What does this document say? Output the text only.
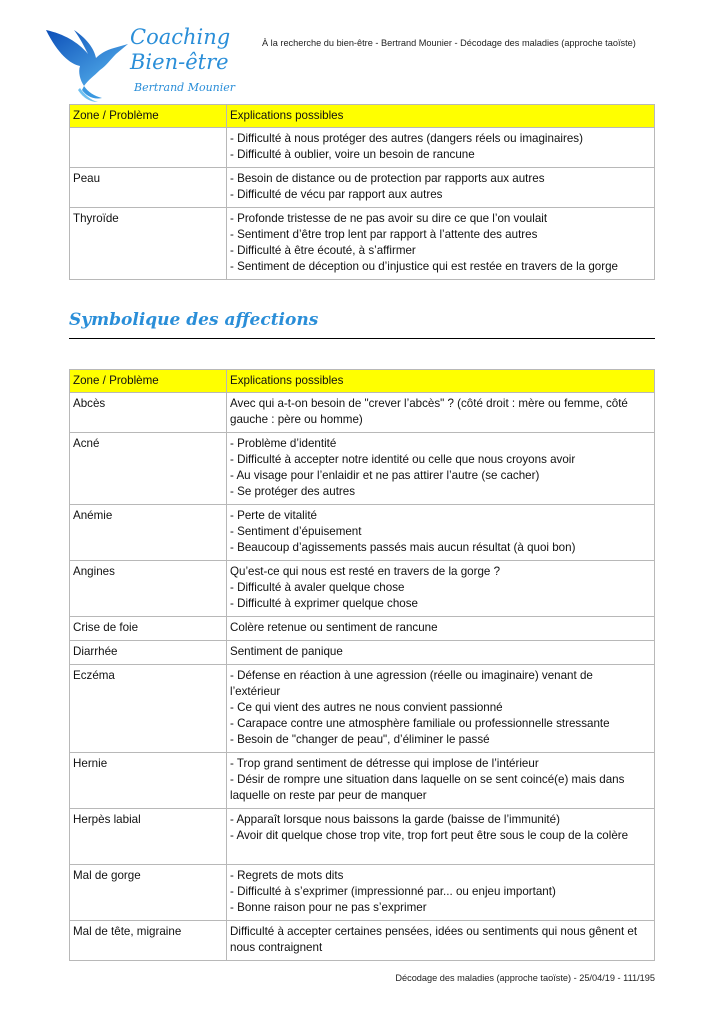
Coaching
Bien-être
Bertrand Mounier
À la recherche du bien-être - Bertrand Mounier - Décodage des maladies (approche taoïste)
Zone / Problème	Explications possibles

	- Difficulté à nous protéger des autres (dangers réels ou imaginaires)
- Difficulté à oublier, voire un besoin de rancune

Peau	- Besoin de distance ou de protection par rapports aux autres
- Difficulté de vécu par rapport aux autres

Thyroïde	- Profonde tristesse de ne pas avoir su dire ce que l’on voulait
- Sentiment d’être trop lent par rapport à l’attente des autres
- Difficulté à être écouté, à s’affirmer
- Sentiment de déception ou d’injustice qui est restée en travers de la gorge
Symbolique des affections
Zone / Problème	Explications possibles
Abcès	Avec qui a-t-on besoin de "crever l’abcès" ? (côté droit : mère ou femme, côté
gauche : père ou homme)

Acné	- Problème d’identité
- Difficulté à accepter notre identité ou celle que nous croyons avoir
- Au visage pour l’enlaidir et ne pas attirer l’autre (se cacher)
- Se protéger des autres

Anémie	- Perte de vitalité
- Sentiment d’épuisement
- Beaucoup d’agissements passés mais aucun résultat (à quoi bon)

Angines	Qu’est-ce qui nous est resté en travers de la gorge ?
- Difficulté à avaler quelque chose
- Difficulté à exprimer quelque chose

Crise de foie	Colère retenue ou sentiment de rancune

Diarrhée	Sentiment de panique

Eczéma	- Défense en réaction à une agression (réelle ou imaginaire) venant de
l’extérieur
- Ce qui vient des autres ne nous convient passionné
- Carapace contre une atmosphère familiale ou professionnelle stressante
- Besoin de "changer de peau", d’éliminer le passé

Hernie	- Trop grand sentiment de détresse qui implose de l’intérieur
- Désir de rompre une situation dans laquelle on se sent coincé(e) mais dans
laquelle on reste par peur de manquer

Herpès labial	- Apparaît lorsque nous baissons la garde (baisse de l’immunité)
- Avoir dit quelque chose trop vite, trop fort peut être sous le coup de la colère

Mal de gorge	- Regrets de mots dits
- Difficulté à s’exprimer (impressionné par... ou enjeu important)
- Bonne raison pour ne pas s’exprimer

Mal de tête, migraine	Difficulté à accepter certaines pensées, idées ou sentiments qui nous gênent et
nous contraignent
Décodage des maladies (approche taoïste) - 25/04/19 - 111/195
